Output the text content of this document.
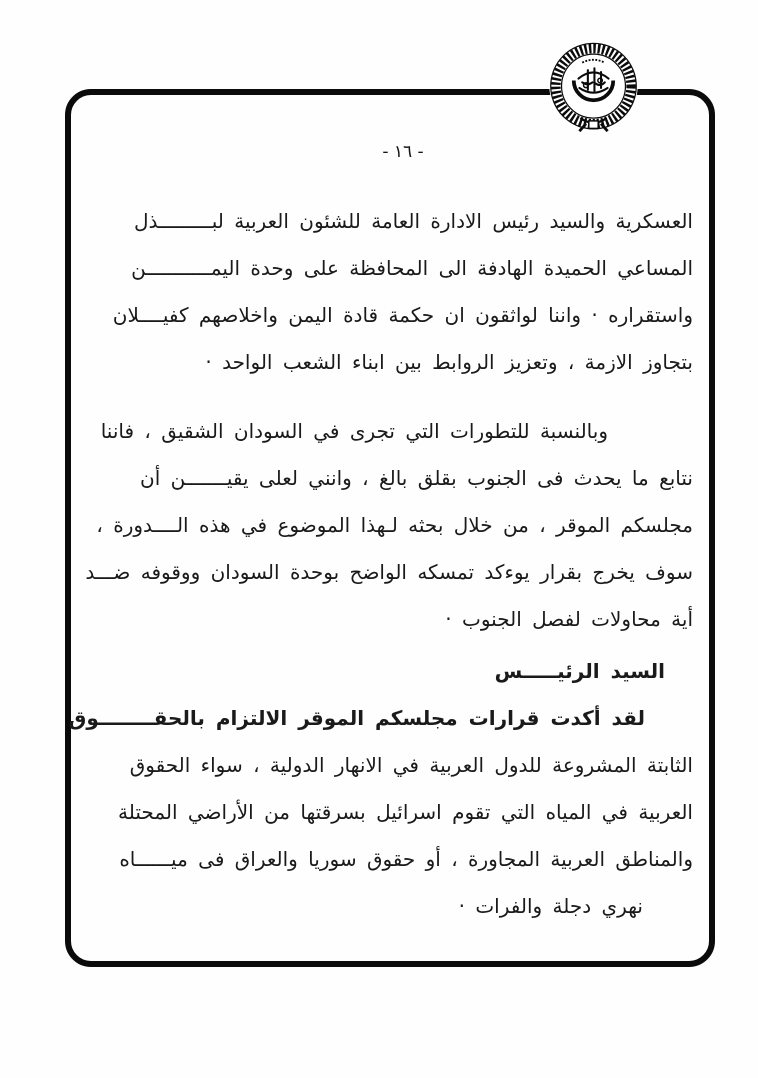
- ١٦ -
العسكرية والسيد رئيس الادارة العامة للشئون العربية لبـــــــــذل
المساعي الحميدة الهادفة الى المحافظة على وحدة اليمـــــــــــن
واستقراره · واننا لواثقون ان حكمة قادة اليمن واخلاصهم كفيــــلان
بتجاوز الازمة ، وتعزيز الروابط بين ابناء الشعب الواحد ·
وبالنسبة للتطورات التي تجرى في السودان الشقيق ، فاننا
نتابع ما يحدث فى الجنوب بقلق بالغ ، وانني لعلى يقيـــــــن أن
مجلسكم الموقر ، من خلال بحثه لـهذا الموضوع في هذه الــــدورة ،
سوف يخرج بقرار يوءكد تمسكه الواضح بوحدة السودان ووقوفه ضـــد
أية محاولات لفصل الجنوب ·
السيد الرئيـــــس
لقد أكدت قرارات مجلسكم الموقر الالتزام بالحقــــــــوق
الثابتة المشروعة للدول العربية في الانهار الدولية ، سواء الحقوق
العربية في المياه التي تقوم اسرائيل بسرقتها من الأراضي المحتلة
والمناطق العربية المجاورة ، أو حقوق سوريا والعراق فى ميــــــاه
نهري دجلة والفرات ·
